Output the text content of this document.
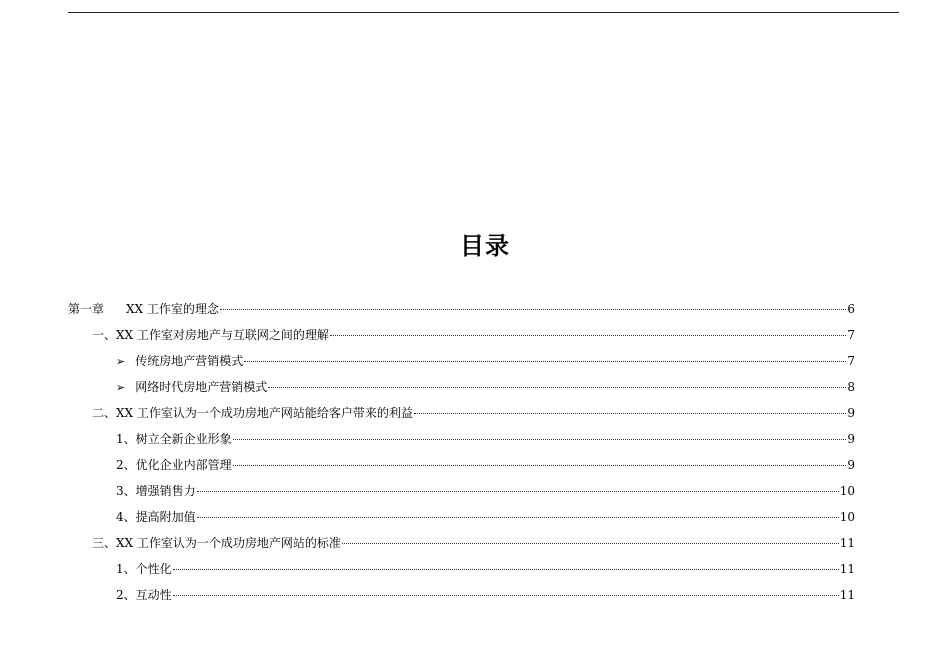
目录
第一章 XX 工作室的理念	6
一、XX 工作室对房地产与互联网之间的理解	7
➢ 传统房地产营销模式	7
➢ 网络时代房地产营销模式	8
二、XX 工作室认为一个成功房地产网站能给客户带来的利益	9
1、树立全新企业形象	9
2、优化企业内部管理	9
3、增强销售力	10
4、提高附加值	10
三、XX 工作室认为一个成功房地产网站的标准	11
1、个性化	11
2、互动性	11
